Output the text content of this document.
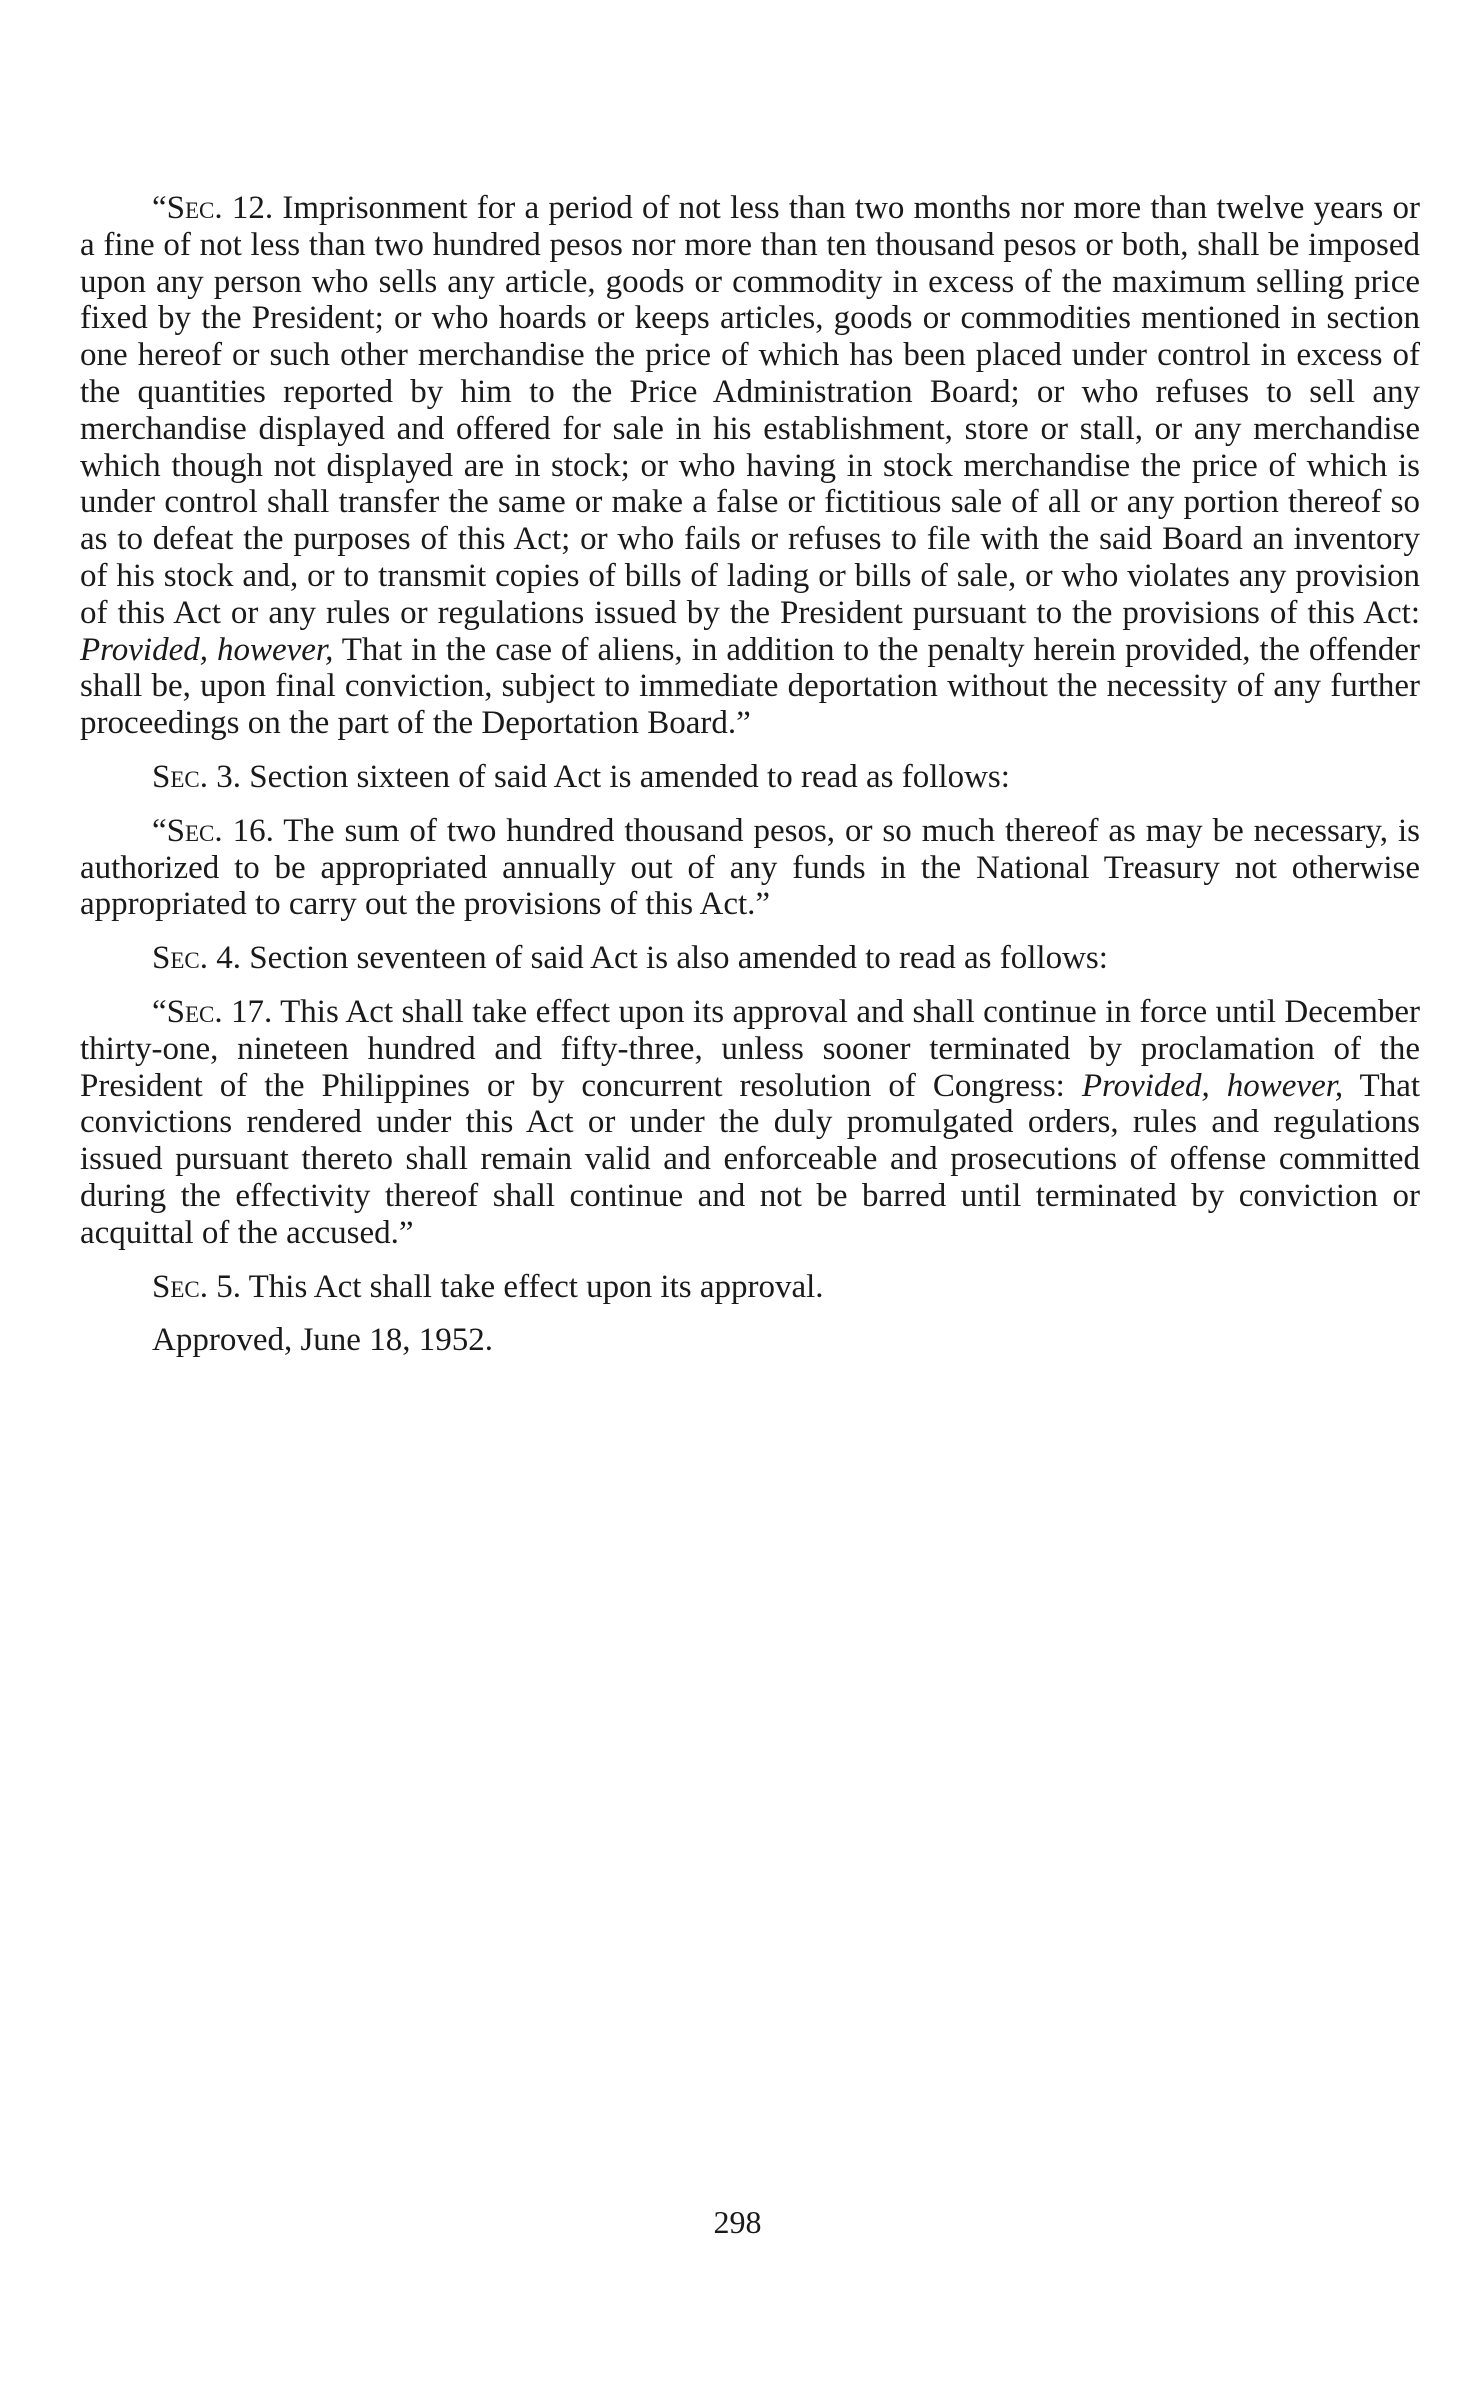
“Sec. 12. Imprisonment for a period of not less than two months nor more than twelve years or a fine of not less than two hundred pesos nor more than ten thousand pesos or both, shall be imposed upon any person who sells any article, goods or commodity in excess of the maximum selling price fixed by the President; or who hoards or keeps articles, goods or commodities mentioned in section one hereof or such other merchandise the price of which has been placed under control in excess of the quantities reported by him to the Price Administration Board; or who refuses to sell any merchandise displayed and offered for sale in his establishment, store or stall, or any merchandise which though not displayed are in stock; or who having in stock merchandise the price of which is under control shall transfer the same or make a false or fictitious sale of all or any portion thereof so as to defeat the purposes of this Act; or who fails or refuses to file with the said Board an inventory of his stock and, or to transmit copies of bills of lading or bills of sale, or who violates any provision of this Act or any rules or regulations issued by the President pursuant to the provisions of this Act: Provided, however, That in the case of aliens, in addition to the penalty herein provided, the offender shall be, upon final conviction, subject to immediate deportation without the necessity of any further proceedings on the part of the Deportation Board.”

Sec. 3. Section sixteen of said Act is amended to read as follows:

“Sec. 16. The sum of two hundred thousand pesos, or so much thereof as may be necessary, is authorized to be appropriated annually out of any funds in the National Treasury not otherwise appropriated to carry out the provisions of this Act.”

Sec. 4. Section seventeen of said Act is also amended to read as follows:

“Sec. 17. This Act shall take effect upon its approval and shall continue in force until December thirty-one, nineteen hundred and fifty-three, unless sooner terminated by proclamation of the President of the Philippines or by concurrent resolution of Congress: Provided, however, That convictions rendered under this Act or under the duly promulgated orders, rules and regulations issued pursuant thereto shall remain valid and enforceable and prosecutions of offense committed during the effectivity thereof shall continue and not be barred until terminated by conviction or acquittal of the accused.”

Sec. 5. This Act shall take effect upon its approval.

Approved, June 18, 1952.

298
